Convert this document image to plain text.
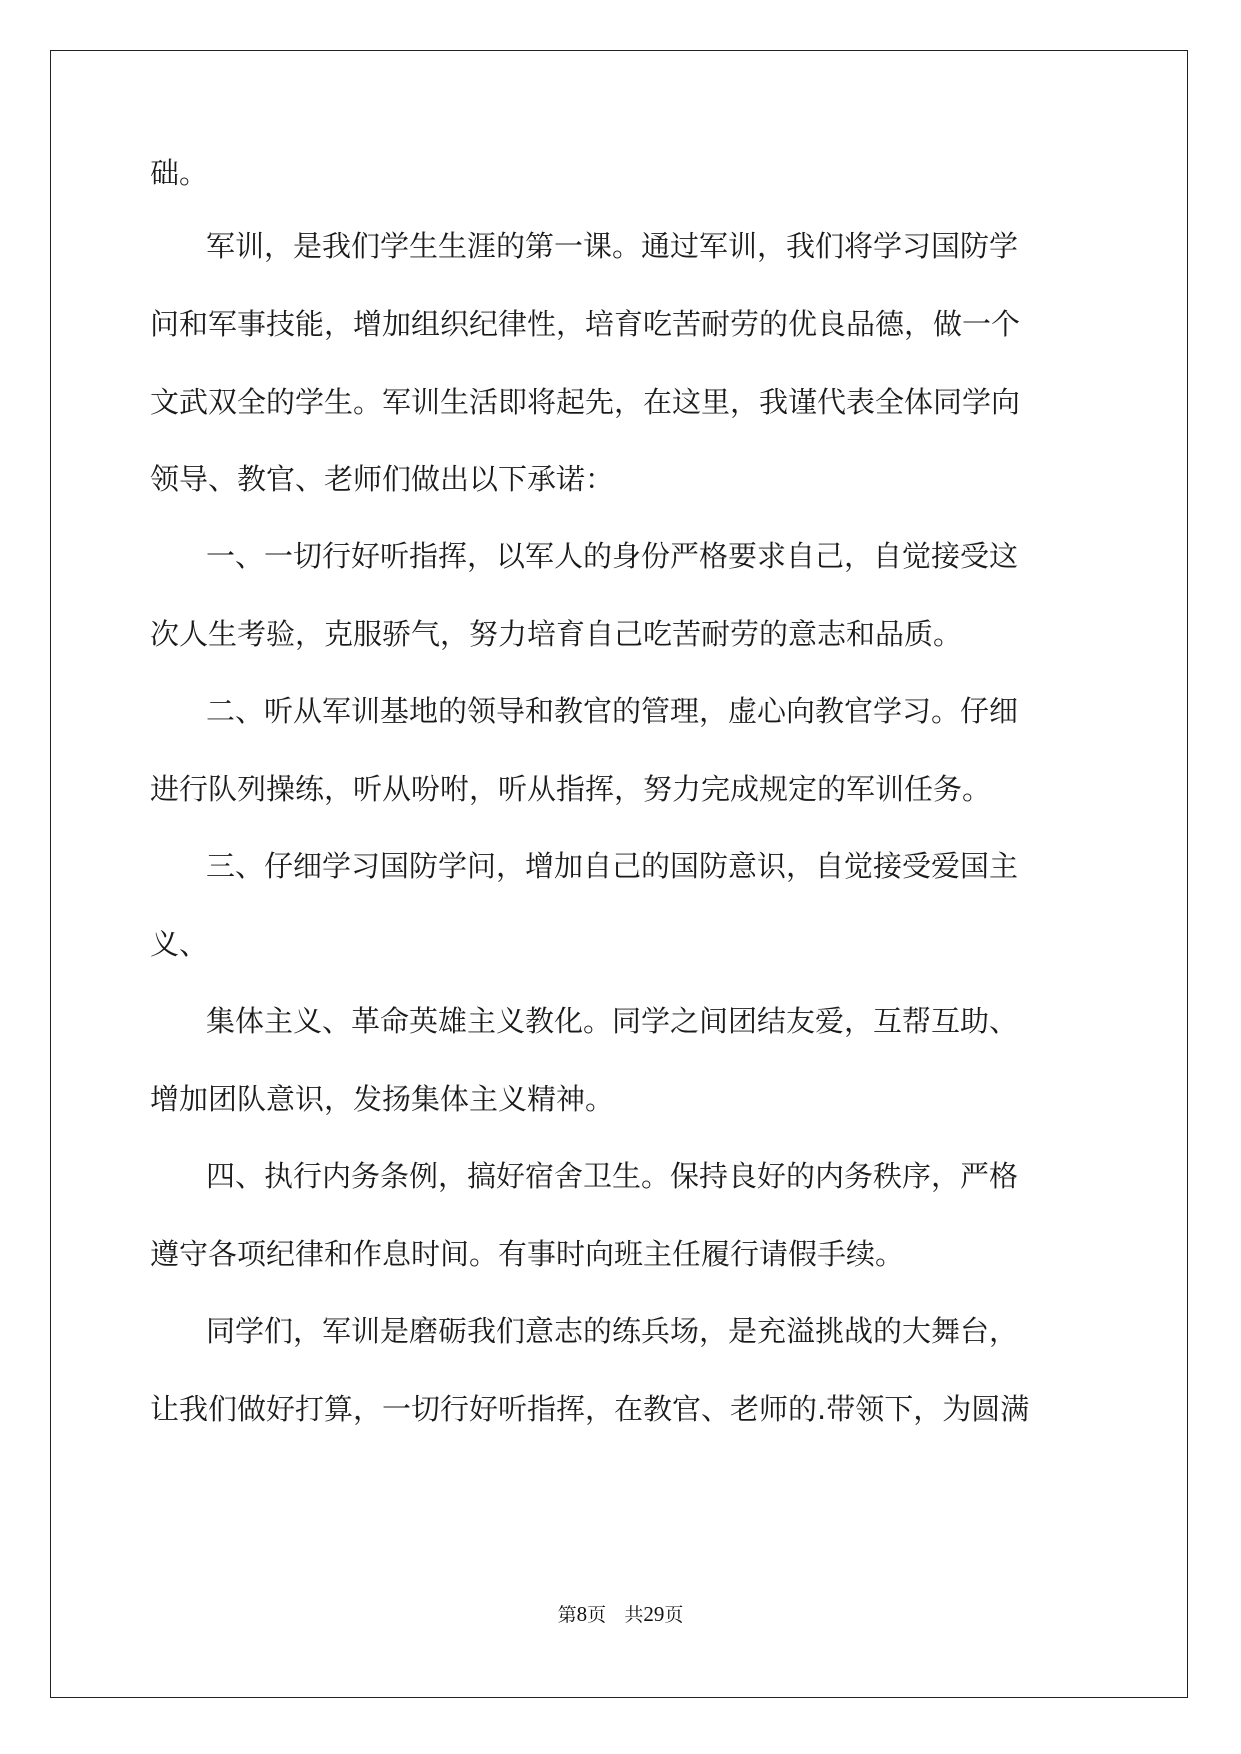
础。
军训，是我们学生生涯的第一课。通过军训，我们将学习国防学
问和军事技能，增加组织纪律性，培育吃苦耐劳的优良品德，做一个
文武双全的学生。军训生活即将起先，在这里，我谨代表全体同学向
领导、教官、老师们做出以下承诺：
一、一切行好听指挥，以军人的身份严格要求自己，自觉接受这
次人生考验，克服骄气，努力培育自己吃苦耐劳的意志和品质。
二、听从军训基地的领导和教官的管理，虚心向教官学习。仔细
进行队列操练，听从吩咐，听从指挥，努力完成规定的军训任务。
三、仔细学习国防学问，增加自己的国防意识，自觉接受爱国主
义、
集体主义、革命英雄主义教化。同学之间团结友爱，互帮互助、
增加团队意识，发扬集体主义精神。
四、执行内务条例，搞好宿舍卫生。保持良好的内务秩序，严格
遵守各项纪律和作息时间。有事时向班主任履行请假手续。
同学们，军训是磨砺我们意志的练兵场，是充溢挑战的大舞台，
让我们做好打算，一切行好听指挥，在教官、老师的.带领下，为圆满
第8页 共29页
